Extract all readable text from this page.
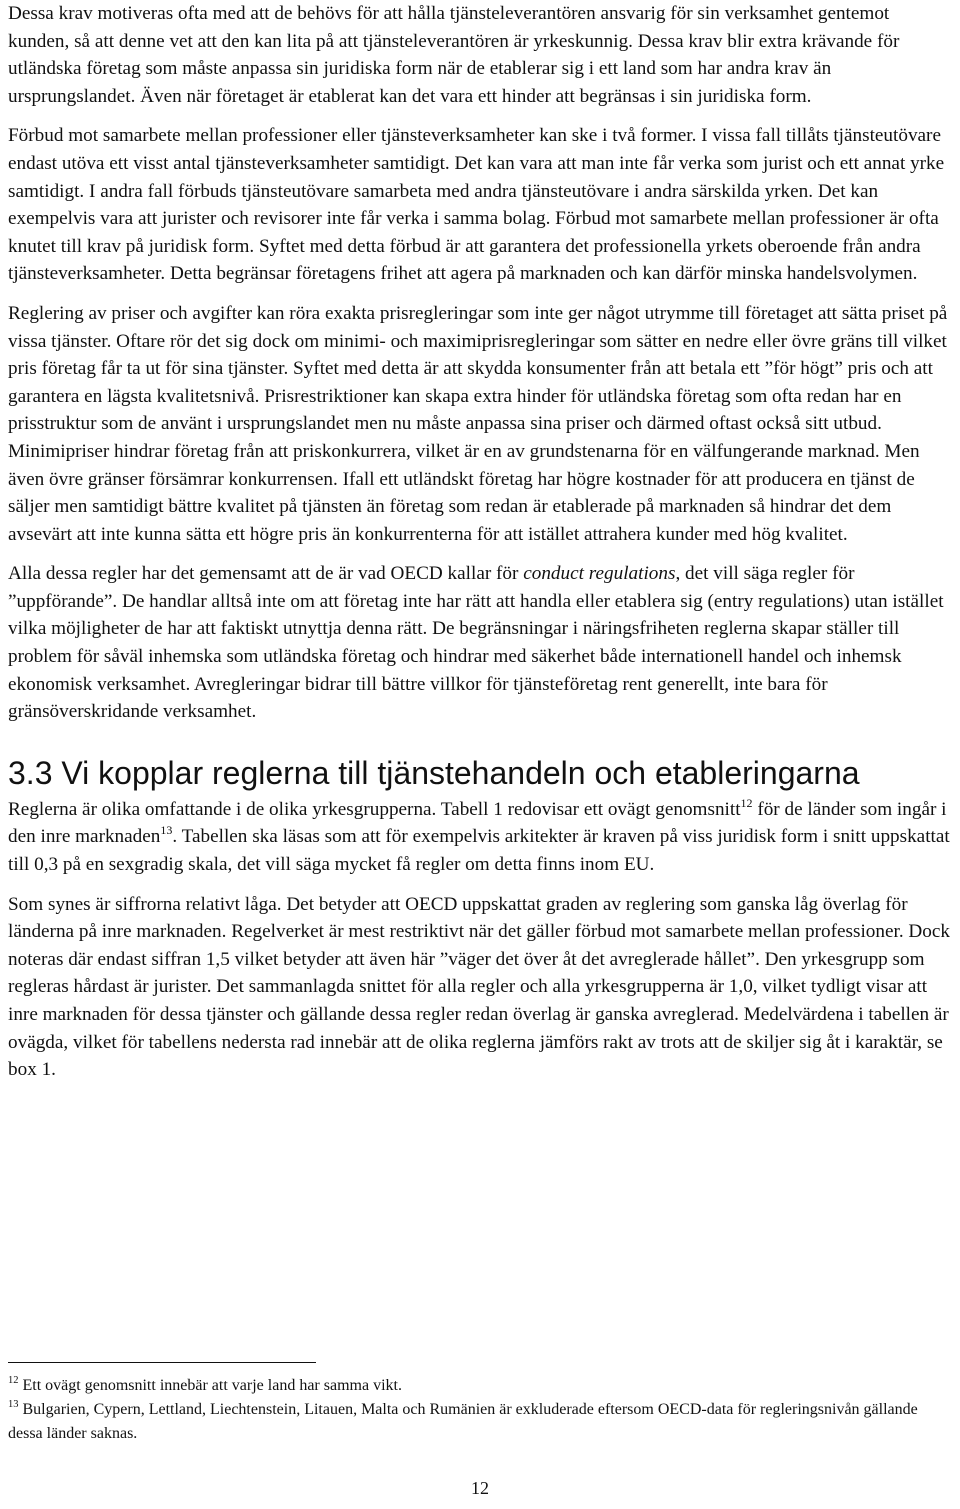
Dessa krav motiveras ofta med att de behövs för att hålla tjänsteleverantören ansvarig för sin verksamhet gentemot kunden, så att denne vet att den kan lita på att tjänsteleverantören är yrkeskunnig. Dessa krav blir extra krävande för utländska företag som måste anpassa sin juridiska form när de etablerar sig i ett land som har andra krav än ursprungslandet. Även när företaget är etablerat kan det vara ett hinder att begränsas i sin juridiska form.

Förbud mot samarbete mellan professioner eller tjänsteverksamheter kan ske i två former. I vissa fall tillåts tjänsteutövare endast utöva ett visst antal tjänsteverksamheter samtidigt. Det kan vara att man inte får verka som jurist och ett annat yrke samtidigt. I andra fall förbuds tjänsteutövare samarbeta med andra tjänsteutövare i andra särskilda yrken. Det kan exempelvis vara att jurister och revisorer inte får verka i samma bolag. Förbud mot samarbete mellan professioner är ofta knutet till krav på juridisk form. Syftet med detta förbud är att garantera det professionella yrkets oberoende från andra tjänsteverksamheter. Detta begränsar företagens frihet att agera på marknaden och kan därför minska handelsvolymen.

Reglering av priser och avgifter kan röra exakta prisregleringar som inte ger något utrymme till företaget att sätta priset på vissa tjänster. Oftare rör det sig dock om minimi- och maximiprisregleringar som sätter en nedre eller övre gräns till vilket pris företag får ta ut för sina tjänster. Syftet med detta är att skydda konsumenter från att betala ett ”för högt” pris och att garantera en lägsta kvalitetsnivå. Prisrestriktioner kan skapa extra hinder för utländska företag som ofta redan har en prisstruktur som de använt i ursprungslandet men nu måste anpassa sina priser och därmed oftast också sitt utbud. Minimipriser hindrar företag från att priskonkurrera, vilket är en av grundstenarna för en välfungerande marknad. Men även övre gränser försämrar konkurrensen. Ifall ett utländskt företag har högre kostnader för att producera en tjänst de säljer men samtidigt bättre kvalitet på tjänsten än företag som redan är etablerade på marknaden så hindrar det dem avsevärt att inte kunna sätta ett högre pris än konkurrenterna för att istället attrahera kunder med hög kvalitet.

Alla dessa regler har det gemensamt att de är vad OECD kallar för conduct regulations, det vill säga regler för ”uppförande”. De handlar alltså inte om att företag inte har rätt att handla eller etablera sig (entry regulations) utan istället vilka möjligheter de har att faktiskt utnyttja denna rätt. De begränsningar i näringsfriheten reglerna skapar ställer till problem för såväl inhemska som utländska företag och hindrar med säkerhet både internationell handel och inhemsk ekonomisk verksamhet. Avregleringar bidrar till bättre villkor för tjänsteföretag rent generellt, inte bara för gränsöverskridande verksamhet.

3.3 Vi kopplar reglerna till tjänstehandeln och etableringarna

Reglerna är olika omfattande i de olika yrkesgrupperna. Tabell 1 redovisar ett ovägt genomsnitt$^{12}$ för de länder som ingår i den inre marknaden$^{13}$. Tabellen ska läsas som att för exempelvis arkitekter är kraven på viss juridisk form i snitt uppskattat till 0,3 på en sexgradig skala, det vill säga mycket få regler om detta finns inom EU.

Som synes är siffrorna relativt låga. Det betyder att OECD uppskattat graden av reglering som ganska låg överlag för länderna på inre marknaden. Regelverket är mest restriktivt när det gäller förbud mot samarbete mellan professioner. Dock noteras där endast siffran 1,5 vilket betyder att även här ”väger det över åt det avreglerade hållet”. Den yrkesgrupp som regleras hårdast är jurister. Det sammanlagda snittet för alla regler och alla yrkesgrupperna är 1,0, vilket tydligt visar att inre marknaden för dessa tjänster och gällande dessa regler redan överlag är ganska avreglerad. Medelvärdena i tabellen är ovägda, vilket för tabellens nedersta rad innebär att de olika reglerna jämförs rakt av trots att de skiljer sig åt i karaktär, se box 1.

$^{12}$ Ett ovägt genomsnitt innebär att varje land har samma vikt.
$^{13}$ Bulgarien, Cypern, Lettland, Liechtenstein, Litauen, Malta och Rumänien är exkluderade eftersom OECD-data för regleringsnivån gällande dessa länder saknas.
12
